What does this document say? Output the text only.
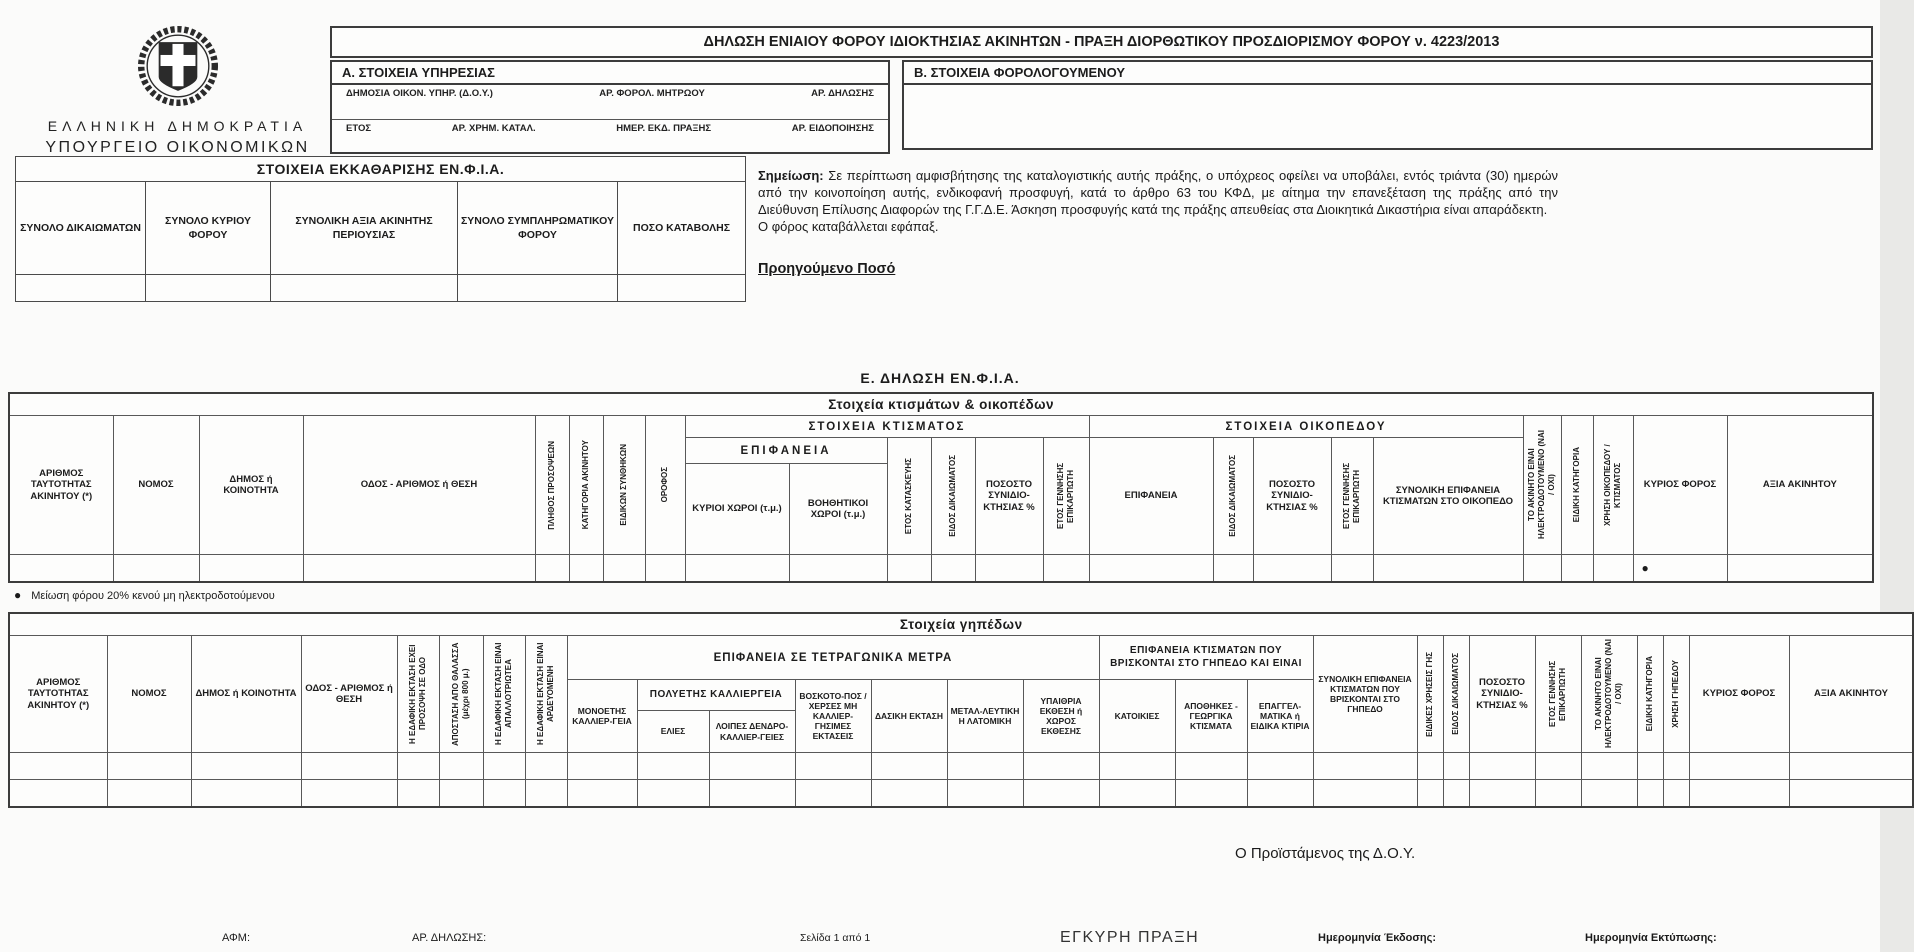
ΕΛΛΗΝΙΚΗ ΔΗΜΟΚΡΑΤΙΑ
ΥΠΟΥΡΓΕΙΟ ΟΙΚΟΝΟΜΙΚΩΝ
ΔΗΛΩΣΗ ΕΝΙΑΙΟΥ ΦΟΡΟΥ ΙΔΙΟΚΤΗΣΙΑΣ ΑΚΙΝΗΤΩΝ - ΠΡΑΞΗ ΔΙΟΡΘΩΤΙΚΟΥ ΠΡΟΣΔΙΟΡΙΣΜΟΥ ΦΟΡΟΥ ν. 4223/2013
Α. ΣΤΟΙΧΕΙΑ ΥΠΗΡΕΣΙΑΣ
ΔΗΜΟΣΙΑ ΟΙΚΟΝ. ΥΠΗΡ. (Δ.Ο.Υ.)	ΑΡ. ΦΟΡΟΛ. ΜΗΤΡΩΟΥ	ΑΡ. ΔΗΛΩΣΗΣ
ΕΤΟΣ	ΑΡ. ΧΡΗΜ. ΚΑΤΑΛ.	ΗΜΕΡ. ΕΚΔ. ΠΡΑΞΗΣ	ΑΡ. ΕΙΔΟΠΟΙΗΣΗΣ
Β. ΣΤΟΙΧΕΙΑ ΦΟΡΟΛΟΓΟΥΜΕΝΟΥ
ΣΤΟΙΧΕΙΑ ΕΚΚΑΘΑΡΙΣΗΣ ΕΝ.Φ.Ι.Α.				
ΣΥΝΟΛΟ ΔΙΚΑΙΩΜΑΤΩΝ	ΣΥΝΟΛΟ ΚΥΡΙΟΥ ΦΟΡΟΥ	ΣΥΝΟΛΙΚΗ ΑΞΙΑ ΑΚΙΝΗΤΗΣ ΠΕΡΙΟΥΣΙΑΣ	ΣΥΝΟΛΟ ΣΥΜΠΛΗΡΩΜΑΤΙΚΟΥ ΦΟΡΟΥ	ΠΟΣΟ ΚΑΤΑΒΟΛΗΣ

Σημείωση: Σε περίπτωση αμφισβήτησης της καταλογιστικής αυτής πράξης, ο υπόχρεος οφείλει να υποβάλει, εντός τριάντα (30) ημερών από την κοινοποίηση αυτής, ενδικοφανή προσφυγή, κατά το άρθρο 63 του ΚΦΔ, με αίτημα την επανεξέταση της πράξης από την Διεύθυνση Επίλυσης Διαφορών της Γ.Γ.Δ.Ε. Άσκηση προσφυγής κατά της πράξης απευθείας στα Διοικητικά Δικαστήρια είναι απαράδεκτη.
Ο φόρος καταβάλλεται εφάπαξ.
Προηγούμενο Ποσό
Ε. ΔΗΛΩΣΗ ΕΝ.Φ.Ι.Α.
Στοιχεία κτισμάτων & οικοπέδων																							
ΑΡΙΘΜΟΣ ΤΑΥΤΟΤΗΤΑΣ ΑΚΙΝΗΤΟΥ (*)	ΝΟΜΟΣ	ΔΗΜΟΣ ή ΚΟΙΝΟΤΗΤΑ	ΟΔΟΣ - ΑΡΙΘΜΟΣ ή ΘΕΣΗ	ΠΛΗΘΟΣ ΠΡΟΣΟΨΕΩΝ	ΚΑΤΗΓΟΡΙΑ ΑΚΙΝΗΤΟΥ	ΕΙΔΙΚΩΝ ΣΥΝΘΗΚΩΝ	ΟΡΟΦΟΣ	ΣΤΟΙΧΕΙΑ ΚΤΙΣΜΑΤΟΣ						ΣΤΟΙΧΕΙΑ ΟΙΚΟΠΕΔΟΥ					ΤΟ ΑΚΙΝΗΤΟ ΕΙΝΑΙ ΗΛΕΚΤΡΟΔΟΤΟΥΜΕΝΟ (ΝΑΙ / ΟΧΙ)	ΕΙΔΙΚΗ ΚΑΤΗΓΟΡΙΑ	ΧΡΗΣΗ ΟΙΚΟΠΕΔΟΥ / ΚΤΙΣΜΑΤΟΣ	ΚΥΡΙΟΣ ΦΟΡΟΣ	ΑΞΙΑ ΑΚΙΝΗΤΟΥ
								ΕΠΙΦΑΝΕΙΑ		ΕΤΟΣ ΚΑΤΑΣΚΕΥΗΣ	ΕΙΔΟΣ ΔΙΚΑΙΩΜΑΤΟΣ	ΠΟΣΟΣΤΟ ΣΥΝΙΔΙΟ-ΚΤΗΣΙΑΣ %	ΕΤΟΣ ΓΕΝΝΗΣΗΣ ΕΠΙΚΑΡΠΩΤΗ	ΕΠΙΦΑΝΕΙΑ	ΕΙΔΟΣ ΔΙΚΑΙΩΜΑΤΟΣ	ΠΟΣΟΣΤΟ ΣΥΝΙΔΙΟ-ΚΤΗΣΙΑΣ %	ΕΤΟΣ ΓΕΝΝΗΣΗΣ ΕΠΙΚΑΡΠΩΤΗ	ΣΥΝΟΛΙΚΗ ΕΠΙΦΑΝΕΙΑ ΚΤΙΣΜΑΤΩΝ ΣΤΟ ΟΙΚΟΠΕΔΟ					
								ΚΥΡΙΟΙ ΧΩΡΟΙ (τ.μ.)	ΒΟΗΘΗΤΙΚΟΙ ΧΩΡΟΙ (τ.μ.)														
																						●	
● Μείωση φόρου 20% κενού μη ηλεκτροδοτούμενου
Στοιχεία γηπέδων																											
ΑΡΙΘΜΟΣ ΤΑΥΤΟΤΗΤΑΣ ΑΚΙΝΗΤΟΥ (*)	ΝΟΜΟΣ	ΔΗΜΟΣ ή ΚΟΙΝΟΤΗΤΑ	ΟΔΟΣ - ΑΡΙΘΜΟΣ ή ΘΕΣΗ	Η ΕΔΑΦΙΚΗ ΕΚΤΑΣΗ ΕΧΕΙ ΠΡΟΣΟΨΗ ΣΕ ΟΔΟ	ΑΠΟΣΤΑΣΗ ΑΠΟ ΘΑΛΑΣΣΑ (μέχρι 800 μ.)	Η ΕΔΑΦΙΚΗ ΕΚΤΑΣΗ ΕΙΝΑΙ ΑΠΑΛΛΟΤΡΙΩΤΕΑ	Η ΕΔΑΦΙΚΗ ΕΚΤΑΣΗ ΕΙΝΑΙ ΑΡΔΕΥΟΜΕΝΗ	ΕΠΙΦΑΝΕΙΑ ΣΕ ΤΕΤΡΑΓΩΝΙΚΑ ΜΕΤΡΑ							ΕΠΙΦΑΝΕΙΑ ΚΤΙΣΜΑΤΩΝ ΠΟΥ ΒΡΙΣΚΟΝΤΑΙ ΣΤΟ ΓΗΠΕΔΟ ΚΑΙ ΕΙΝΑΙ			ΣΥΝΟΛΙΚΗ ΕΠΙΦΑΝΕΙΑ ΚΤΙΣΜΑΤΩΝ ΠΟΥ ΒΡΙΣΚΟΝΤΑΙ ΣΤΟ ΓΗΠΕΔΟ	ΕΙΔΙΚΕΣ ΧΡΗΣΕΙΣ ΓΗΣ	ΕΙΔΟΣ ΔΙΚΑΙΩΜΑΤΟΣ	ΠΟΣΟΣΤΟ ΣΥΝΙΔΙΟ-ΚΤΗΣΙΑΣ %	ΕΤΟΣ ΓΕΝΝΗΣΗΣ ΕΠΙΚΑΡΠΩΤΗ	ΤΟ ΑΚΙΝΗΤΟ ΕΙΝΑΙ ΗΛΕΚΤΡΟΔΟΤΟΥΜΕΝΟ (ΝΑΙ / ΟΧΙ)	ΕΙΔΙΚΗ ΚΑΤΗΓΟΡΙΑ	ΧΡΗΣΗ ΓΗΠΕΔΟΥ	ΚΥΡΙΟΣ ΦΟΡΟΣ	ΑΞΙΑ ΑΚΙΝΗΤΟΥ
								ΜΟΝΟΕΤΗΣ ΚΑΛΛΙΕΡ-ΓΕΙΑ	ΠΟΛΥΕΤΗΣ ΚΑΛΛΙΕΡΓΕΙΑ		ΒΟΣΚΟΤΟ-ΠΟΣ / ΧΕΡΣΕΣ ΜΗ ΚΑΛΛΙΕΡ-ΓΗΣΙΜΕΣ ΕΚΤΑΣΕΙΣ	ΔΑΣΙΚΗ ΕΚΤΑΣΗ	ΜΕΤΑΛ-ΛΕΥΤΙΚΗ Η ΛΑΤΟΜΙΚΗ	ΥΠΑΙΘΡΙΑ ΕΚΘΕΣΗ ή ΧΩΡΟΣ ΕΚΘΕΣΗΣ	ΚΑΤΟΙΚΙΕΣ	ΑΠΟΘΗΚΕΣ - ΓΕΩΡΓΙΚΑ ΚΤΙΣΜΑΤΑ	ΕΠΑΓΓΕΛ-ΜΑΤΙΚΑ ή ΕΙΔΙΚΑ ΚΤΙΡΙΑ										
									ΕΛΙΕΣ	ΛΟΙΠΕΣ ΔΕΝΔΡΟ-ΚΑΛΛΙΕΡ-ΓΕΙΕΣ																	

Ο Προϊστάμενος της Δ.Ο.Υ.
ΑΦΜ:	ΑΡ. ΔΗΛΩΣΗΣ:	Σελίδα 1 από 1	ΕΓΚΥΡΗ ΠΡΑΞΗ	Ημερομηνία Έκδοσης:	Ημερομηνία Εκτύπωσης:
